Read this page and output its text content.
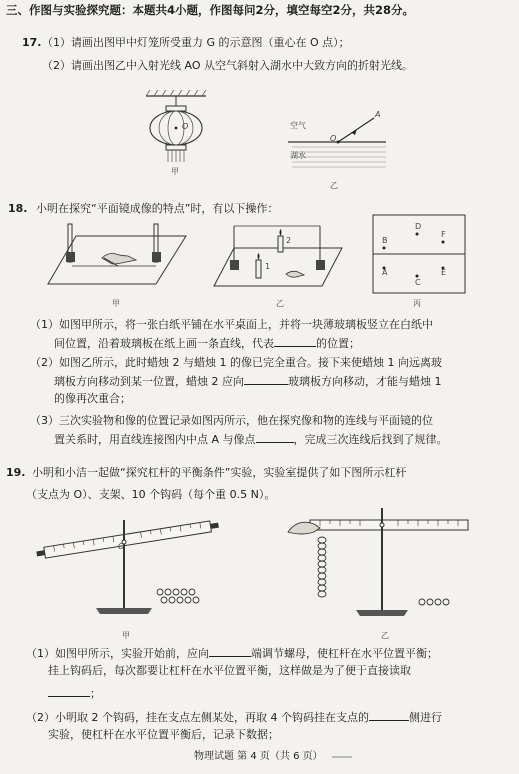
三、作图与实验探究题：本题共4小题，作图每问2分，填空每空2分，共28分。
17. （1）请画出图甲中灯笼所受重力 G 的示意图（重心在 O 点）；
（2）请画出图乙中入射光线 AO 从空气斜射入湖水中大致方向的折射光线。
O
甲
空气
湖水
A
O
乙
18. 小明在探究“平面镜成像的特点”时，有以下操作：
甲
2
1
乙
B
D
F
A
C
E
丙
（1）如图甲所示，将一张白纸平铺在水平桌面上，并将一块薄玻璃板竖立在白纸中
间位置，沿着玻璃板在纸上画一条直线，代表	的位置；
（2）如图乙所示，此时蜡烛 2 与蜡烛 1 的像已完全重合。接下来使蜡烛 1 向远离玻
璃板方向移动到某一位置，蜡烛 2 应向	玻璃板方向移动，才能与蜡烛 1
的像再次重合；
（3）三次实验物和像的位置记录如图丙所示，他在探究像和物的连线与平面镜的位
置关系时，用直线连接图内中点 A 与像点	，完成三次连线后找到了规律。
19. 小明和小洁一起做“探究杠杆的平衡条件”实验，实验室提供了如下图所示杠杆
（支点为 O）、支架、10 个钩码（每个重 0.5 N）。
O
甲	乙
（1）如图甲所示，实验开始前，应向	端调节螺母，使杠杆在水平位置平衡；
挂上钩码后，每次都要让杠杆在水平位置平衡，这样做是为了便于直接读取
；
（2）小明取 2 个钩码，挂在支点左侧某处，再取 4 个钩码挂在支点的	侧进行
实验，使杠杆在水平位置平衡后，记录下数据；
物理试题 第 4 页（共 6 页）
